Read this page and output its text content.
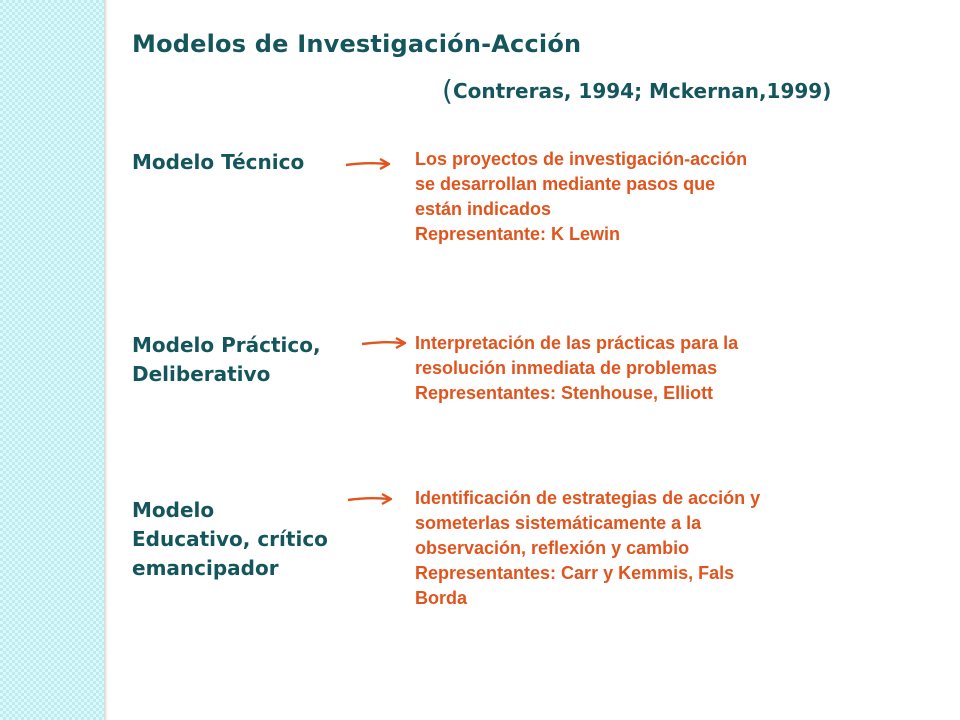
Modelos de Investigación-Acción
(Contreras, 1994; Mckernan,1999)
Modelo Técnico	Los proyectos de investigación-acción
se desarrollan mediante pasos que
están indicados
Representante: K Lewin
Modelo Práctico,
Deliberativo
Interpretación de las prácticas para la
resolución inmediata de problemas
Representantes: Stenhouse, Elliott
Modelo
Educativo, crítico
emancipador
Identificación de estrategias de acción y
someterlas sistemáticamente a la
observación, reflexión y cambio
Representantes: Carr y Kemmis, Fals
Borda
